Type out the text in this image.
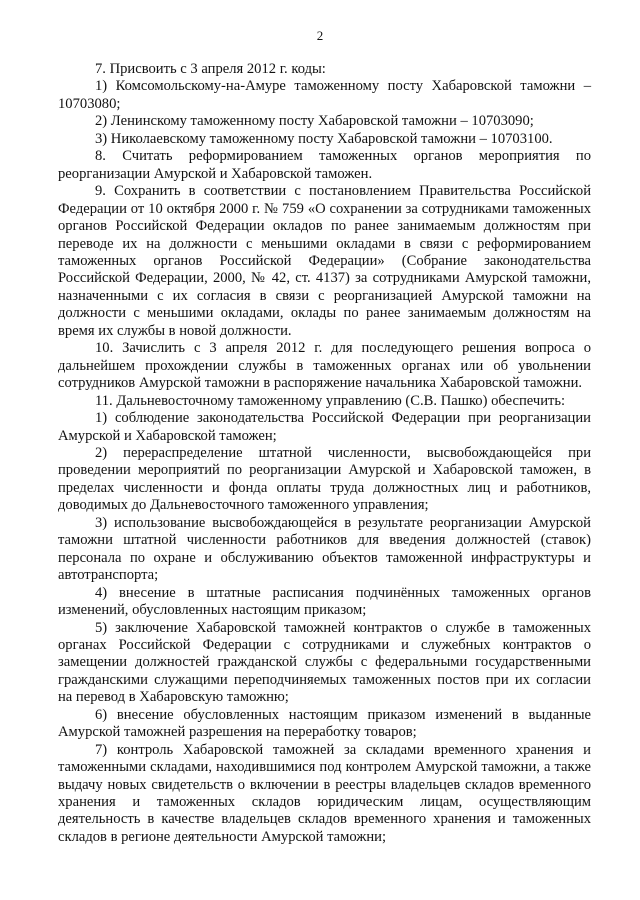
2

7. Присвоить с 3 апреля 2012 г. коды:

1) Комсомольскому-на-Амуре таможенному посту Хабаровской таможни – 10703080;

2) Ленинскому таможенному посту Хабаровской таможни – 10703090;

3) Николаевскому таможенному посту Хабаровской таможни – 10703100.

8. Считать реформированием таможенных органов мероприятия по реорганизации Амурской и Хабаровской таможен.

9. Сохранить в соответствии с постановлением Правительства Российской Федерации от 10 октября 2000 г. № 759 «О сохранении за сотрудниками таможенных органов Российской Федерации окладов по ранее занимаемым должностям при переводе их на должности с меньшими окладами в связи с реформированием таможенных органов Российской Федерации» (Собрание законодательства Российской Федерации, 2000, № 42, ст. 4137) за сотрудниками Амурской таможни, назначенными с их согласия в связи с реорганизацией Амурской таможни на должности с меньшими окладами, оклады по ранее занимаемым должностям на время их службы в новой должности.

10. Зачислить с 3 апреля 2012 г. для последующего решения вопроса о дальнейшем прохождении службы в таможенных органах или об увольнении сотрудников Амурской таможни в распоряжение начальника Хабаровской таможни.

11. Дальневосточному таможенному управлению (С.В. Пашко) обеспечить:

1) соблюдение законодательства Российской Федерации при реорганизации Амурской и Хабаровской таможен;

2) перераспределение штатной численности, высвобождающейся при проведении мероприятий по реорганизации Амурской и Хабаровской таможен, в пределах численности и фонда оплаты труда должностных лиц и работников, доводимых до Дальневосточного таможенного управления;

3) использование высвобождающейся в результате реорганизации Амурской таможни штатной численности работников для введения должностей (ставок) персонала по охране и обслуживанию объектов таможенной инфраструктуры и автотранспорта;

4) внесение в штатные расписания подчинённых таможенных органов изменений, обусловленных настоящим приказом;

5) заключение Хабаровской таможней контрактов о службе в таможенных органах Российской Федерации с сотрудниками и служебных контрактов о замещении должностей гражданской службы с федеральными государственными гражданскими служащими переподчиняемых таможенных постов при их согласии на перевод в Хабаровскую таможню;

6) внесение обусловленных настоящим приказом изменений в выданные Амурской таможней разрешения на переработку товаров;

7) контроль Хабаровской таможней за складами временного хранения и таможенными складами, находившимися под контролем Амурской таможни, а также выдачу новых свидетельств о включении в реестры владельцев складов временного хранения и таможенных складов юридическим лицам, осуществляющим деятельность в качестве владельцев складов временного хранения и таможенных складов в регионе деятельности Амурской таможни;
